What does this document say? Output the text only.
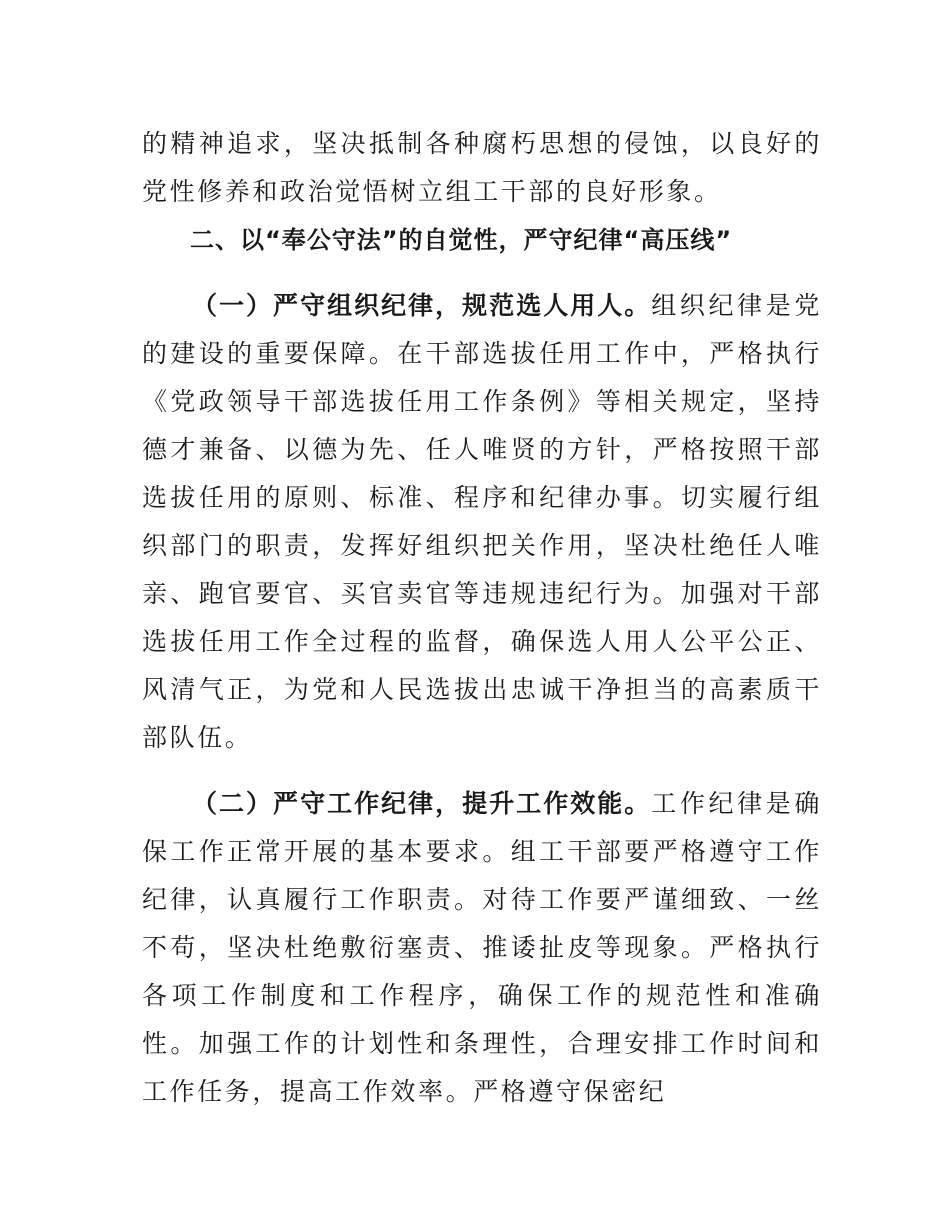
的精神追求，坚决抵制各种腐朽思想的侵蚀，以良好的党性修养和政治觉悟树立组工干部的良好形象。

二、以“奉公守法”的自觉性，严守纪律“高压线”

（一）严守组织纪律，规范选人用人。组织纪律是党的建设的重要保障。在干部选拔任用工作中，严格执行《党政领导干部选拔任用工作条例》等相关规定，坚持德才兼备、以德为先、任人唯贤的方针，严格按照干部选拔任用的原则、标准、程序和纪律办事。切实履行组织部门的职责，发挥好组织把关作用，坚决杜绝任人唯亲、跑官要官、买官卖官等违规违纪行为。加强对干部选拔任用工作全过程的监督，确保选人用人公平公正、风清气正，为党和人民选拔出忠诚干净担当的高素质干部队伍。

（二）严守工作纪律，提升工作效能。工作纪律是确保工作正常开展的基本要求。组工干部要严格遵守工作纪律，认真履行工作职责。对待工作要严谨细致、一丝不苟，坚决杜绝敷衍塞责、推诿扯皮等现象。严格执行各项工作制度和工作程序，确保工作的规范性和准确性。加强工作的计划性和条理性，合理安排工作时间和工作任务，提高工作效率。严格遵守保密纪
